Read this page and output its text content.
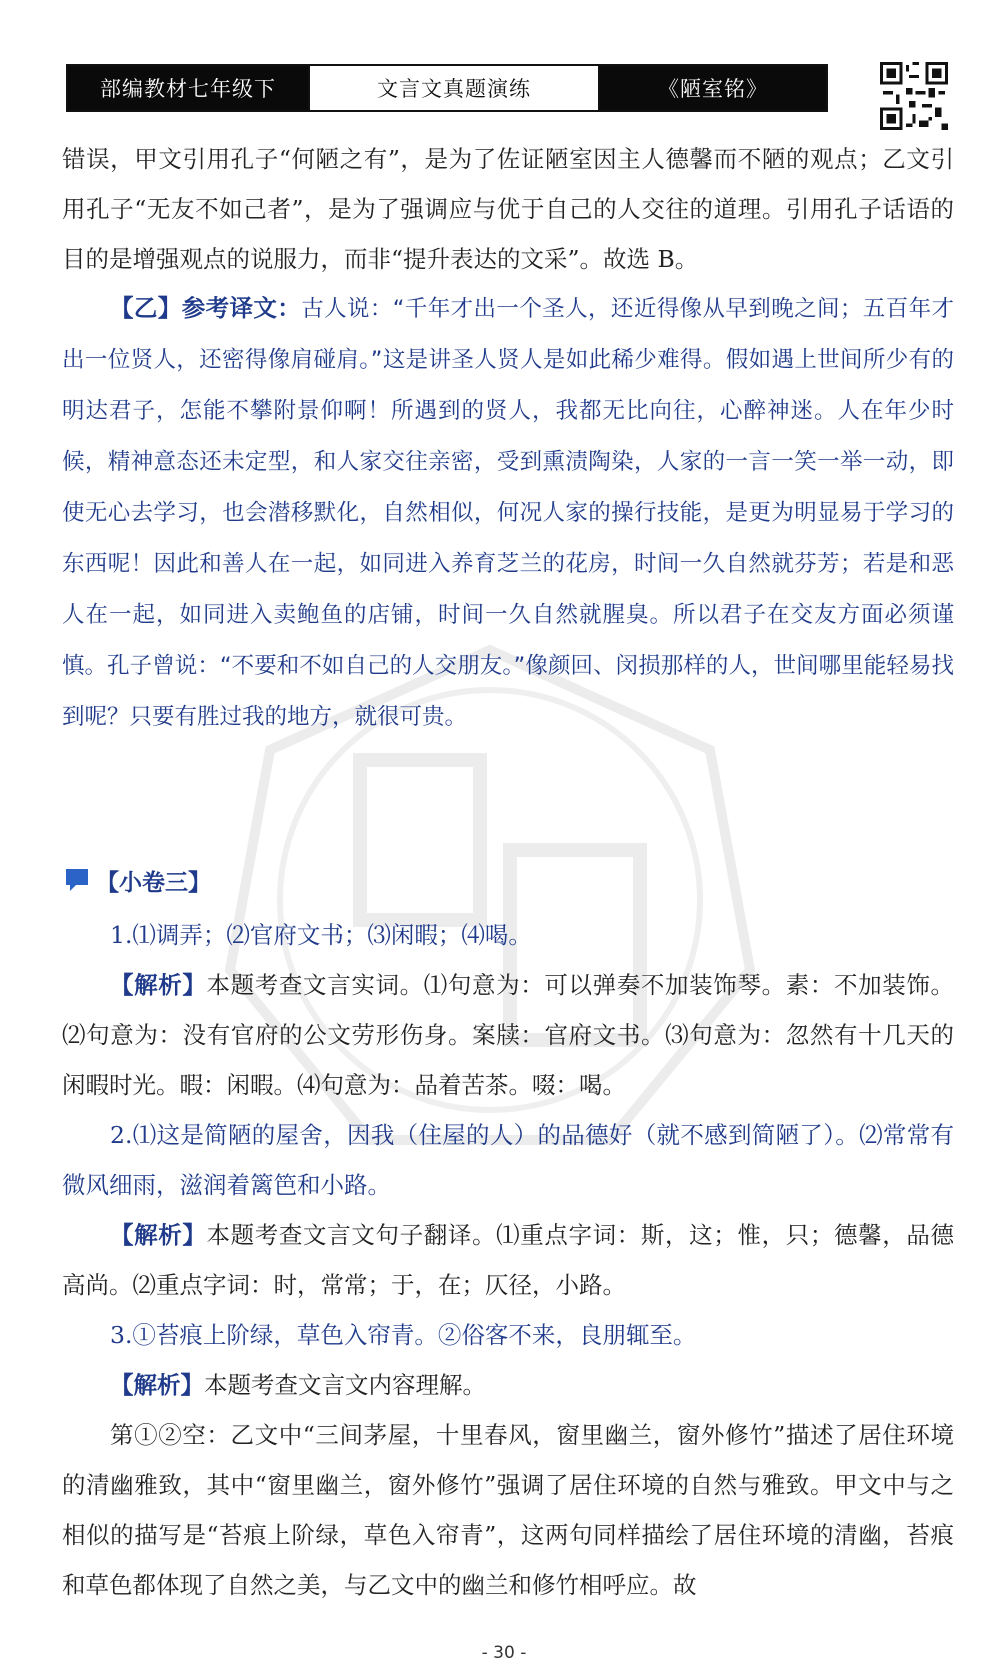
部编教材七年级下	文言文真题演练	《陋室铭》

错误，甲文引用孔子“何陋之有”，是为了佐证陋室因主人德馨而不陋的观点；乙文引用孔子“无友不如己者”，是为了强调应与优于自己的人交往的道理。引用孔子话语的目的是增强观点的说服力，而非“提升表达的文采”。故选 B。

【乙】参考译文：古人说：“千年才出一个圣人，还近得像从早到晚之间；五百年才出一位贤人，还密得像肩碰肩。”这是讲圣人贤人是如此稀少难得。假如遇上世间所少有的明达君子，怎能不攀附景仰啊！所遇到的贤人，我都无比向往，心醉神迷。人在年少时候，精神意态还未定型，和人家交往亲密，受到熏渍陶染，人家的一言一笑一举一动，即使无心去学习，也会潜移默化，自然相似，何况人家的操行技能，是更为明显易于学习的东西呢！因此和善人在一起，如同进入养育芝兰的花房，时间一久自然就芬芳；若是和恶人在一起，如同进入卖鲍鱼的店铺，时间一久自然就腥臭。所以君子在交友方面必须谨慎。孔子曾说：“不要和不如自己的人交朋友。”像颜回、闵损那样的人，世间哪里能轻易找到呢？只要有胜过我的地方，就很可贵。

【小卷三】

1.⑴调弄；⑵官府文书；⑶闲暇；⑷喝。

【解析】本题考查文言实词。⑴句意为：可以弹奏不加装饰琴。素：不加装饰。⑵句意为：没有官府的公文劳形伤身。案牍：官府文书。⑶句意为：忽然有十几天的闲暇时光。暇：闲暇。⑷句意为：品着苦茶。啜：喝。

2.⑴这是简陋的屋舍，因我（住屋的人）的品德好（就不感到简陋了）。⑵常常有微风细雨，滋润着篱笆和小路。

【解析】本题考查文言文句子翻译。⑴重点字词：斯，这；惟，只；德馨，品德高尚。⑵重点字词：时，常常；于，在；仄径，小路。

3.①苔痕上阶绿，草色入帘青。②俗客不来，良朋辄至。

【解析】本题考查文言文内容理解。

第①②空：乙文中“三间茅屋，十里春风，窗里幽兰，窗外修竹”描述了居住环境的清幽雅致，其中“窗里幽兰，窗外修竹”强调了居住环境的自然与雅致。甲文中与之相似的描写是“苔痕上阶绿，草色入帘青”，这两句同样描绘了居住环境的清幽，苔痕和草色都体现了自然之美，与乙文中的幽兰和修竹相呼应。故

- 30 -
